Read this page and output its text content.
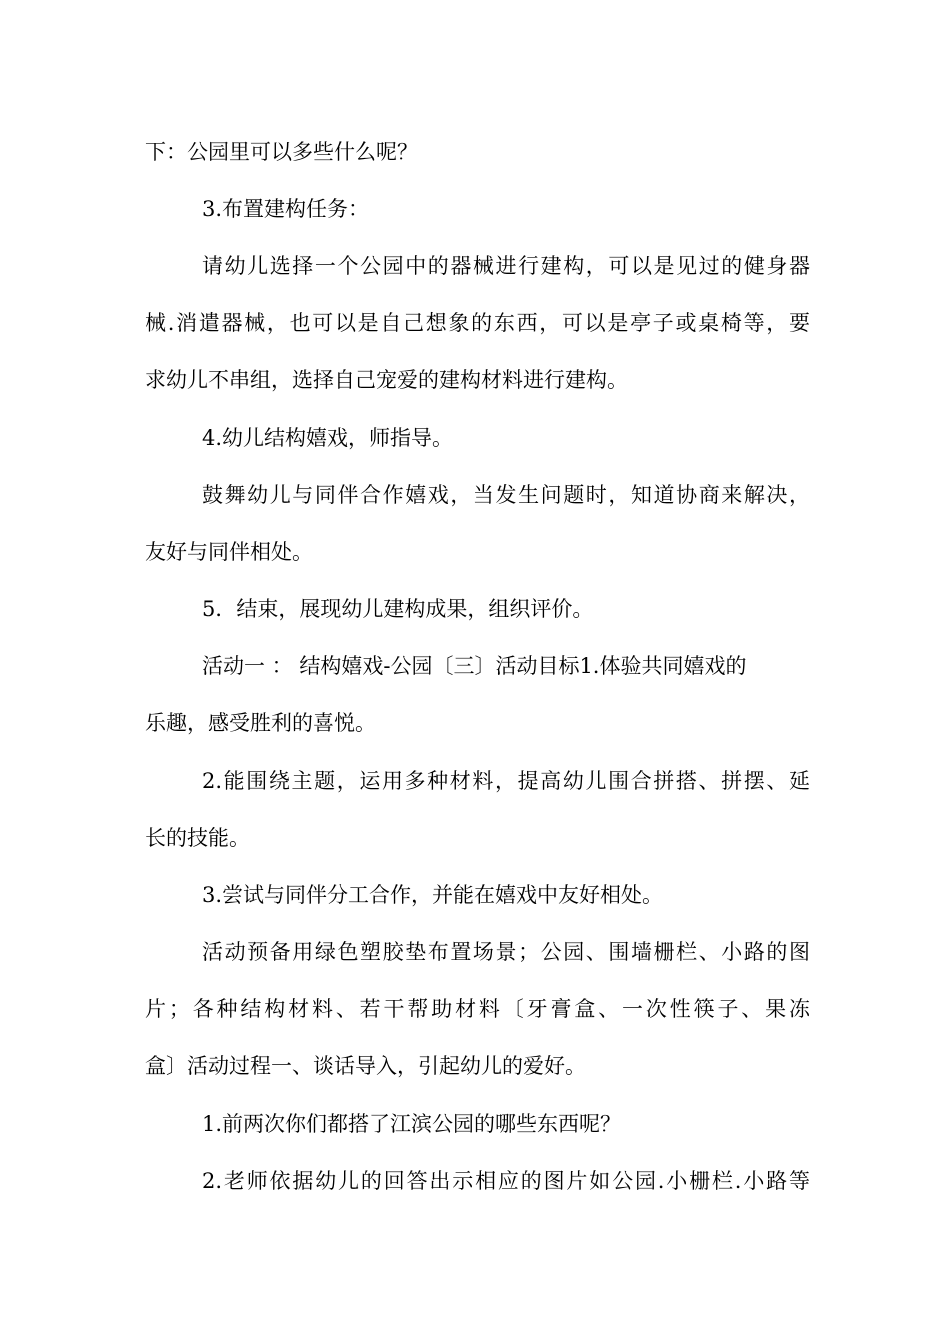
下：公园里可以多些什么呢？
3.布置建构任务：
请幼儿选择一个公园中的器械进行建构，可以是见过的健身器
械.消遣器械，也可以是自己想象的东西，可以是亭子或桌椅等，要
求幼儿不串组，选择自己宠爱的建构材料进行建构。
4.幼儿结构嬉戏，师指导。
鼓舞幼儿与同伴合作嬉戏，当发生问题时，知道协商来解决，
友好与同伴相处。
5．结束，展现幼儿建构成果，组织评价。
活动一 ： 结构嬉戏-公园〔三〕活动目标1.体验共同嬉戏的
乐趣，感受胜利的喜悦。
2.能围绕主题，运用多种材料，提高幼儿围合拼搭、拼摆、延
长的技能。
3.尝试与同伴分工合作，并能在嬉戏中友好相处。
活动预备用绿色塑胶垫布置场景；公园、围墙栅栏、小路的图
片；各种结构材料、若干帮助材料〔牙膏盒、一次性筷子、果冻
盒〕活动过程一、谈话导入，引起幼儿的爱好。
1.前两次你们都搭了江滨公园的哪些东西呢？
2.老师依据幼儿的回答出示相应的图片如公园.小栅栏.小路等
